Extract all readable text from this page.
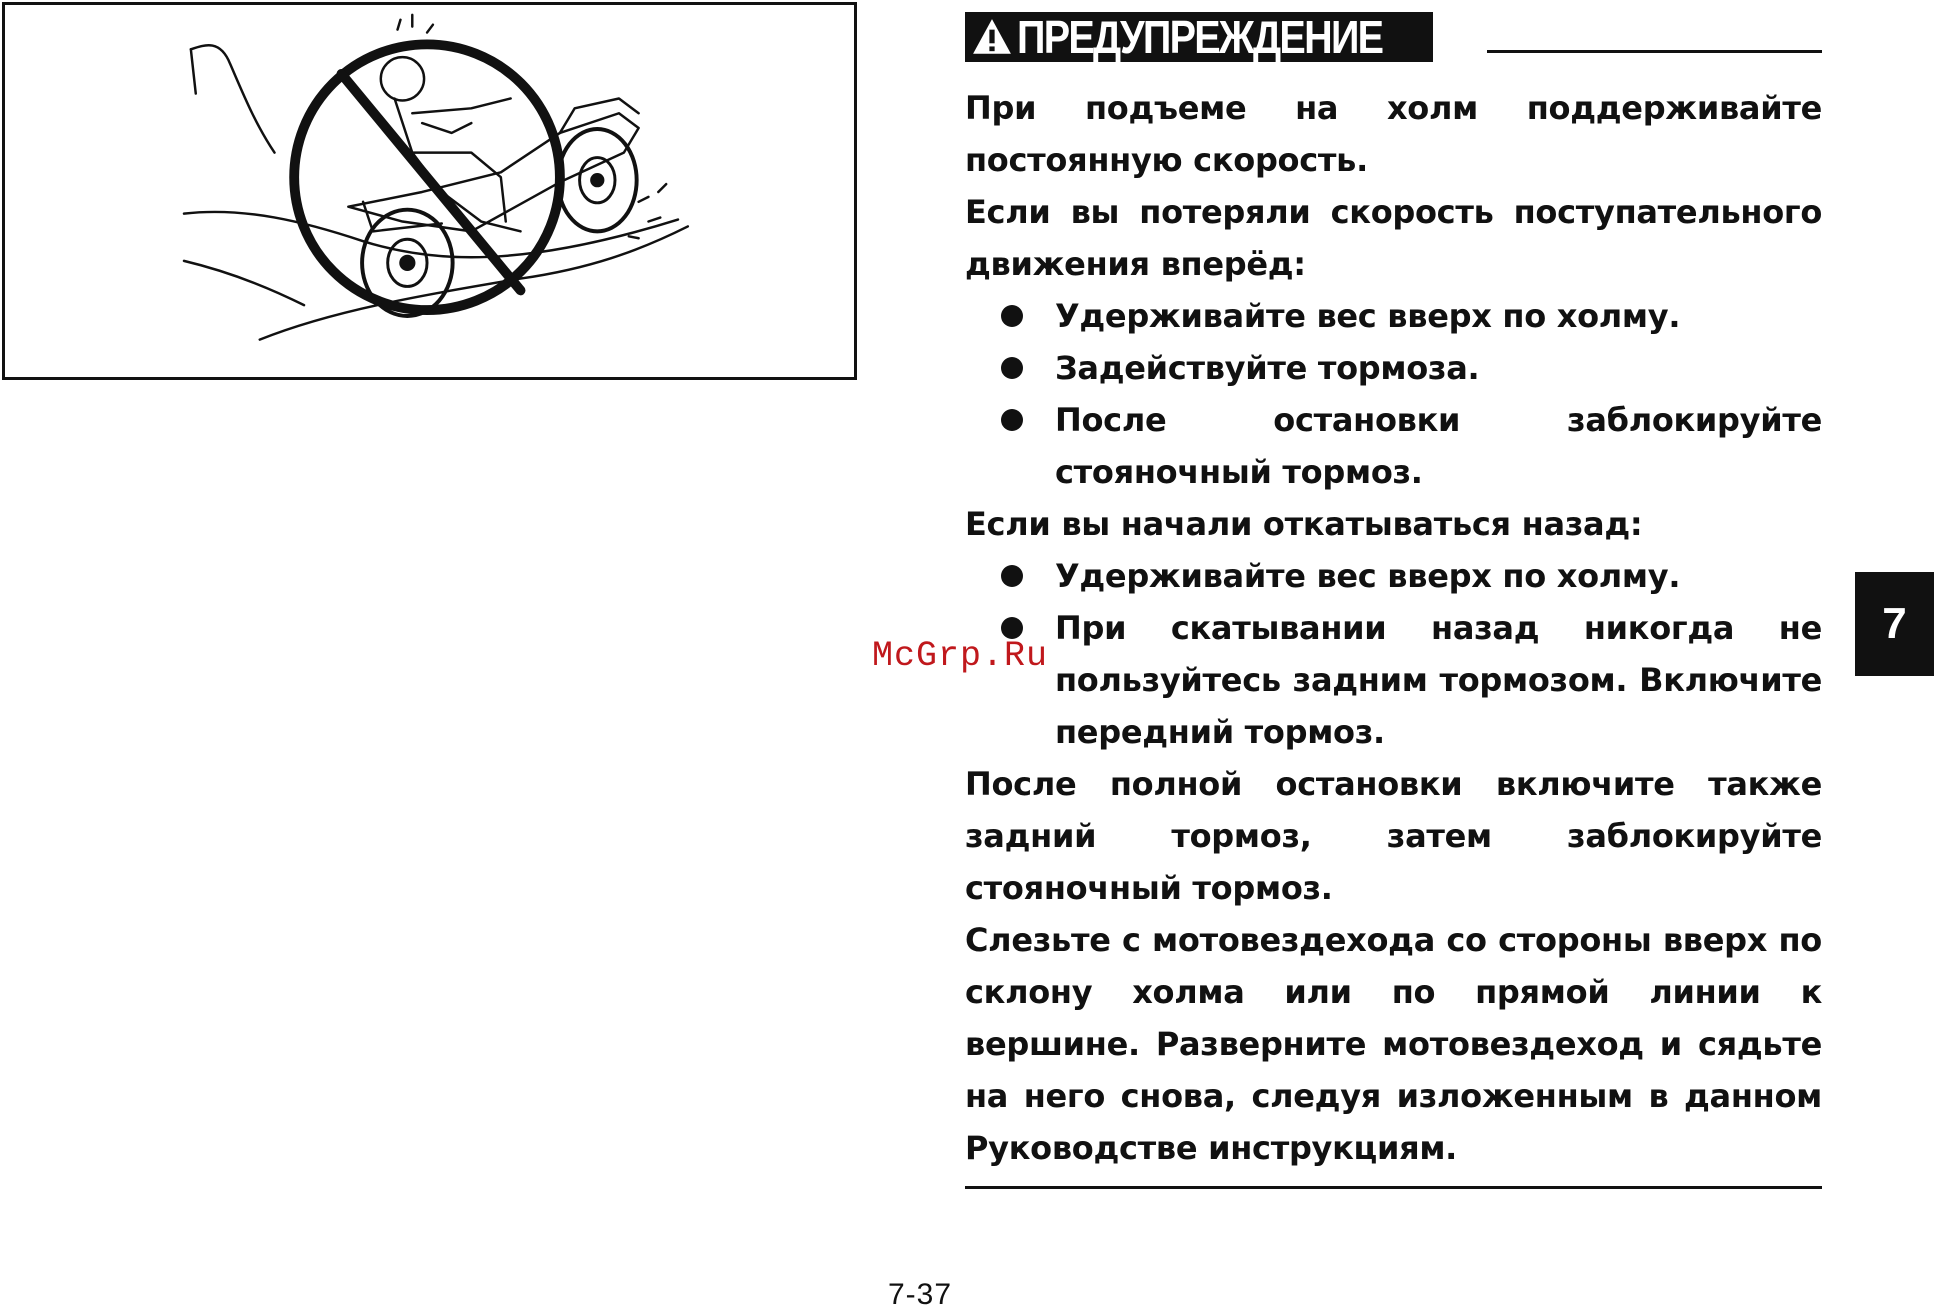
ПРЕДУПРЕЖДЕНИЕ

При подъеме на холм поддерживайте постоянную скорость.

Если вы потеряли скорость поступательного движения вперёд:

Удерживайте вес вверх по холму.
Задействуйте тормоза.
После остановки заблокируйте стояночный тормоз.

Если вы начали откатываться назад:

Удерживайте вес вверх по холму.
При скатывании назад никогда не пользуйтесь задним тормозом. Включите передний тормоз.

После полной остановки включите также задний тормоз, затем заблокируйте стояночный тормоз.

Слезьте с мотовездехода со стороны вверх по склону холма или по прямой линии к вершине. Разверните мотовездеход и сядьте на него снова, следуя изложенным в данном Руководстве инструкциям.

7-37
7
McGrp.Ru
